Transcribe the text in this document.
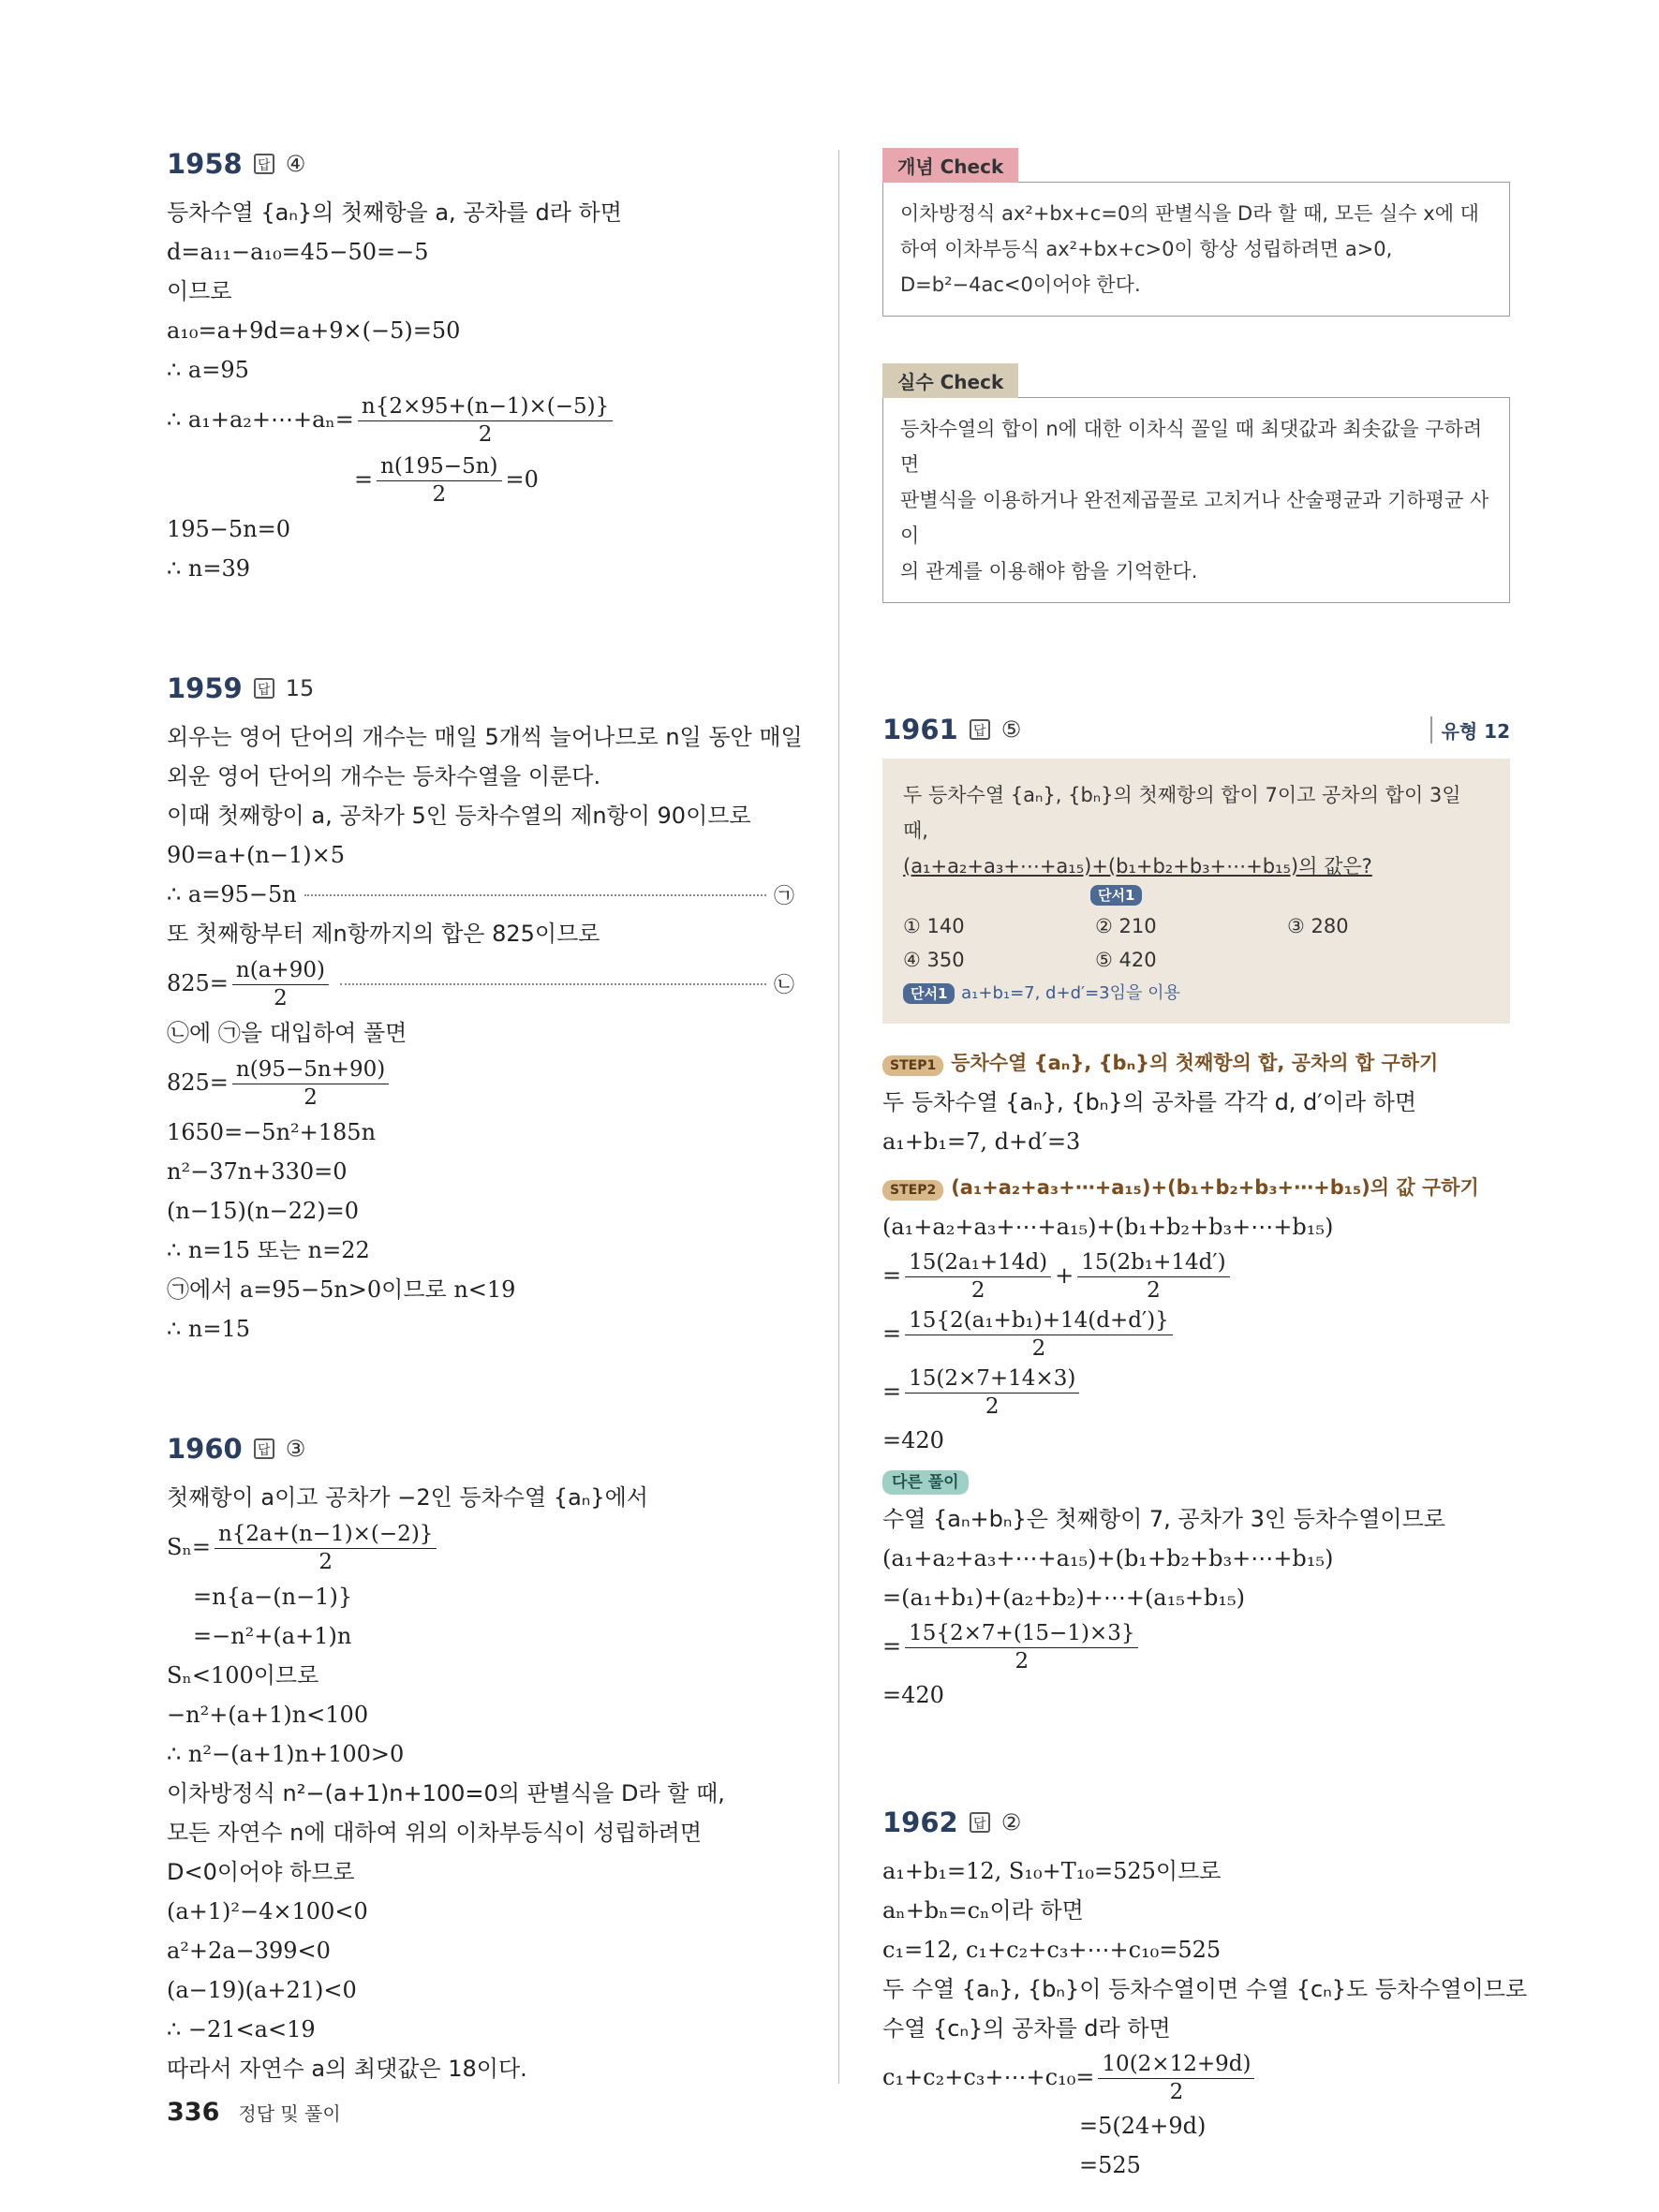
1958	답 ④
등차수열 {aₙ}의 첫째항을 a, 공차를 d라 하면
d=a₁₁−a₁₀=45−50=−5
이므로
a₁₀=a+9d=a+9×(−5)=50
∴ a=95
∴ a₁+a₂+⋯+aₙ= $\frac{n\{2\times 95+(n-1)\times(-5)\}}{2}$
= $\frac{n(195-5n)}{2} =0$
195−5n=0
∴ n=39
1959	답 15
외우는 영어 단어의 개수는 매일 5개씩 늘어나므로 n일 동안 매일
외운 영어 단어의 개수는 등차수열을 이룬다.
이때 첫째항이 a, 공차가 5인 등차수열의 제n항이 90이므로
90=a+(n−1)×5
∴ a=95−5n	㉠
또 첫째항부터 제n항까지의 합은 825이므로
$825= \frac{n(a+90)}{2}$	㉡
㉡에 ㉠을 대입하여 풀면
$825= \frac{n(95-5n+90)}{2}$
1650=−5n²+185n
n²−37n+330=0
(n−15)(n−22)=0
∴ n=15 또는 n=22
㉠에서 a=95−5n>0이므로 n<19
∴ n=15
1960	답 ③
첫째항이 a이고 공차가 −2인 등차수열 {aₙ}에서
$S_n= \frac{n\{2a+(n-1)\times(-2)\}}{2}$
=n{a−(n−1)}
=−n²+(a+1)n
Sₙ<100이므로
−n²+(a+1)n<100
∴ n²−(a+1)n+100>0
이차방정식 n²−(a+1)n+100=0의 판별식을 D라 할 때,
모든 자연수 n에 대하여 위의 이차부등식이 성립하려면
D<0이어야 하므로
(a+1)²−4×100<0
a²+2a−399<0
(a−19)(a+21)<0
∴ −21<a<19
따라서 자연수 a의 최댓값은 18이다.
개념 Check
이차방정식 ax²+bx+c=0의 판별식을 D라 할 때, 모든 실수 x에 대
하여 이차부등식 ax²+bx+c>0이 항상 성립하려면 a>0,
D=b²−4ac<0이어야 한다.
실수 Check
등차수열의 합이 n에 대한 이차식 꼴일 때 최댓값과 최솟값을 구하려면
판별식을 이용하거나 완전제곱꼴로 고치거나 산술평균과 기하평균 사이
의 관계를 이용해야 함을 기억한다.
1961	답 ⑤	유형 12
두 등차수열 {aₙ}, {bₙ}의 첫째항의 합이 7이고 공차의 합이 3일 때,
(a₁+a₂+a₃+⋯+a₁₅)+(b₁+b₂+b₃+⋯+b₁₅)의 값은?
단서1
① 140	② 210	③ 280
④ 350	⑤ 420
단서1 a₁+b₁=7, d+d′=3임을 이용
STEP1 등차수열 {aₙ}, {bₙ}의 첫째항의 합, 공차의 합 구하기
두 등차수열 {aₙ}, {bₙ}의 공차를 각각 d, d′이라 하면
a₁+b₁=7, d+d′=3
STEP2 (a₁+a₂+a₃+⋯+a₁₅)+(b₁+b₂+b₃+⋯+b₁₅)의 값 구하기
(a₁+a₂+a₃+⋯+a₁₅)+(b₁+b₂+b₃+⋯+b₁₅)
= $\frac{\text{15(2a₁+14d)}}{2} + \frac{\text{15(2b₁+14d′)}}{2}$
= $\frac{\text{15\{2(a₁+b₁)+14(d+d′)\}}}{2}$
= $\frac{15(2\times 7+14\times 3)}{2}$
=420
다른 풀이
수열 {aₙ+bₙ}은 첫째항이 7, 공차가 3인 등차수열이므로
(a₁+a₂+a₃+⋯+a₁₅)+(b₁+b₂+b₃+⋯+b₁₅)
=(a₁+b₁)+(a₂+b₂)+⋯+(a₁₅+b₁₅)
= $\frac{15\{2\times 7+(15-1)\times 3\}}{2}$
=420
1962	답 ②
a₁+b₁=12, S₁₀+T₁₀=525이므로
aₙ+bₙ=cₙ이라 하면
c₁=12, c₁+c₂+c₃+⋯+c₁₀=525
두 수열 {aₙ}, {bₙ}이 등차수열이면 수열 {cₙ}도 등차수열이므로
수열 {cₙ}의 공차를 d라 하면
c₁+c₂+c₃+⋯+c₁₀= $\frac{10(2\times 12+9d)}{2}$
=5(24+9d)
=525
336 정답 및 풀이
